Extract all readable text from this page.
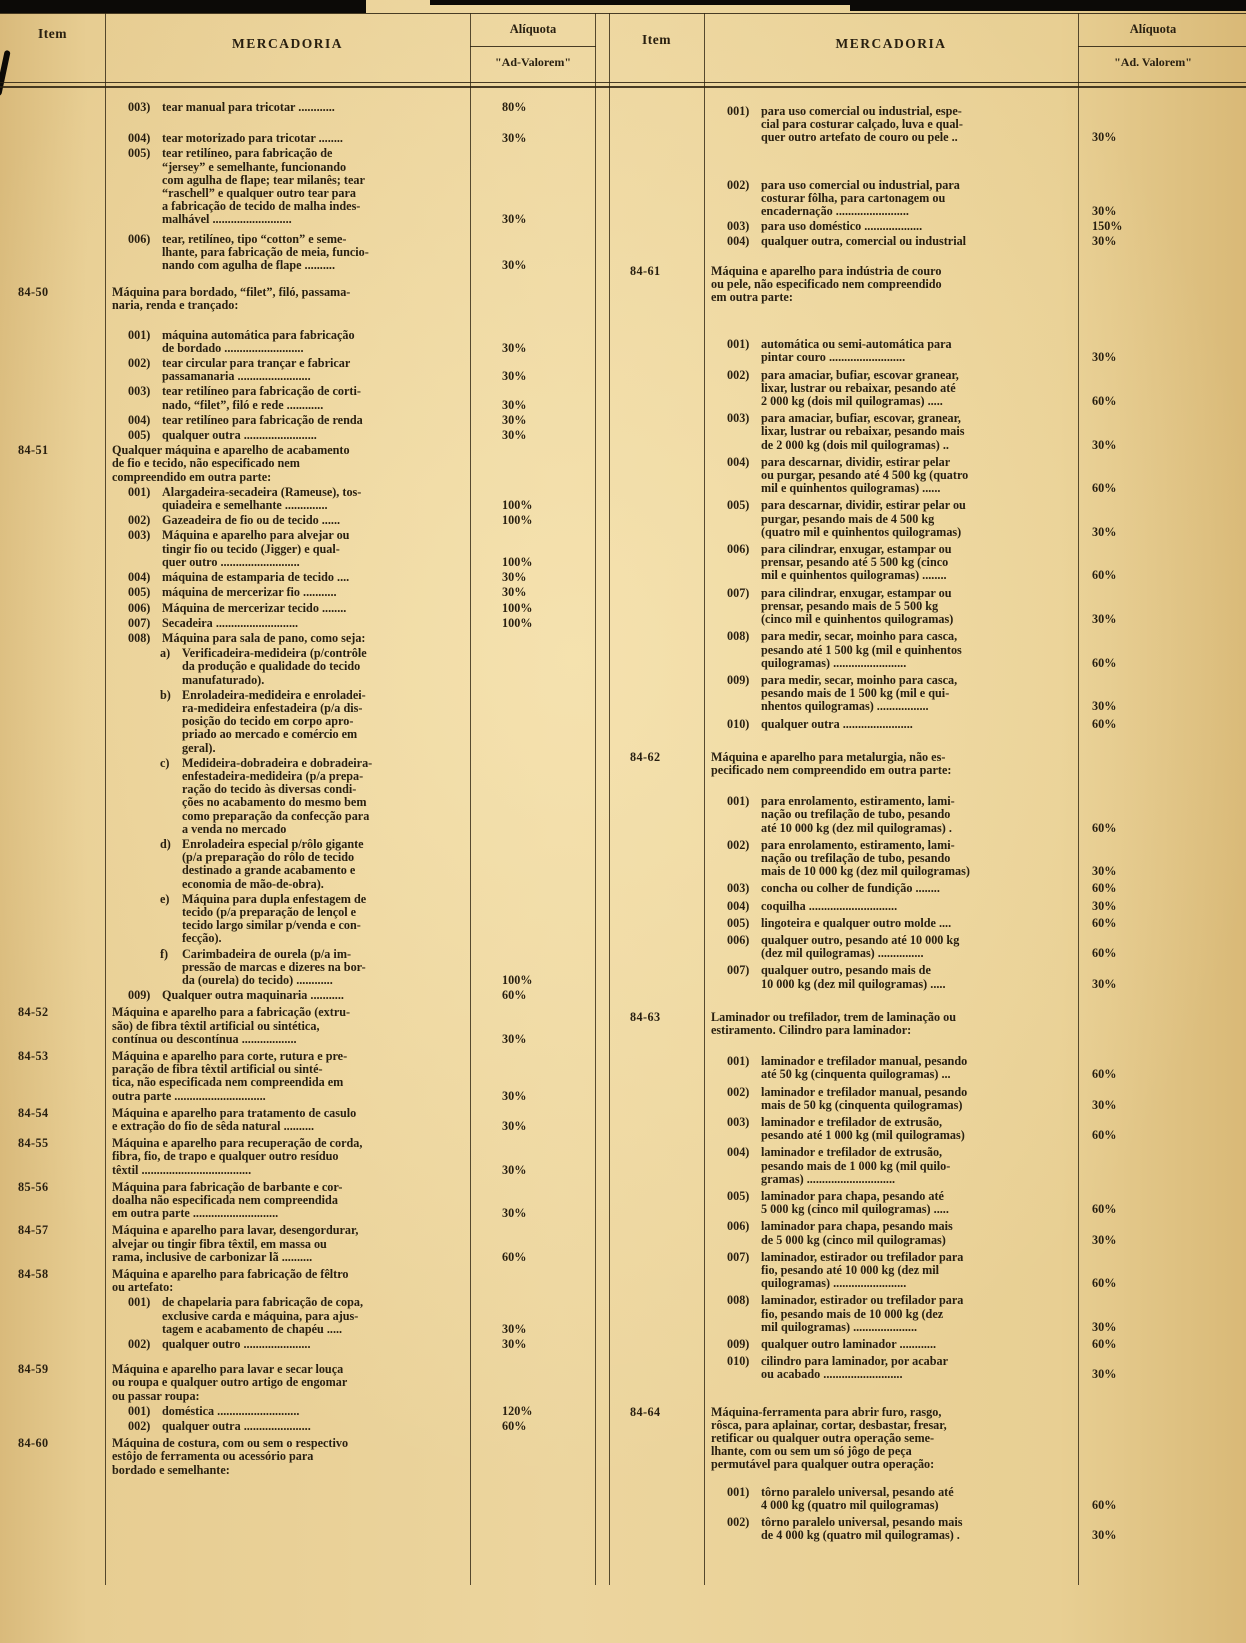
Item
MERCADORIA
Alíquota
"Ad-Valorem"
Item	MERCADORIA
Alíquota
"Ad. Valorem"

003) tear manual para tricotar ............	80%

004) tear motorizado para tricotar ........	30%

005) tear retilíneo, para fabricação de
“jersey” e semelhante, funcionando
com agulha de flape; tear milanês; tear
“raschell” e qualquer outro tear para
a fabricação de tecido de malha indes-
malhável ..........................	30%

006) tear, retilíneo, tipo “cotton” e seme-
lhante, para fabricação de meia, funcio-
nando com agulha de flape ..........	30%
84-50	Máquina para bordado, “filet”, filó, passama-
naria, renda e trançado:

001) máquina automática para fabricação
de bordado ..........................	30%

002) tear circular para trançar e fabricar
passamanaria ........................	30%

003) tear retilíneo para fabricação de corti-
nado, “filet”, filó e rede ............	30%

004) tear retilíneo para fabricação de renda	30%

005) qualquer outra ........................	30%
84-51	Qualquer máquina e aparelho de acabamento
de fio e tecido, não especificado nem
compreendido em outra parte:

001) Alargadeira-secadeira (Rameuse), tos-
quiadeira e semelhante ..............	100%

002) Gazeadeira de fio ou de tecido ......	100%

003) Máquina e aparelho para alvejar ou
tingir fio ou tecido (Jigger) e qual-
quer outro ..........................	100%

004) máquina de estamparia de tecido ....	30%

005) máquina de mercerizar fio ...........	30%

006) Máquina de mercerizar tecido ........	100%

007) Secadeira ...........................	100%

008) Máquina para sala de pano, como seja:

a) Verificadeira-medideira (p/contrôle
da produção e qualidade do tecido
manufaturado).

b) Enroladeira-medideira e enroladei-
ra-medideira enfestadeira (p/a dis-
posição do tecido em corpo apro-
priado ao mercado e comércio em
geral).

c) Medideira-dobradeira e dobradeira-
enfestadeira-medideira (p/a prepa-
ração do tecido às diversas condi-
ções no acabamento do mesmo bem
como preparação da confecção para
a venda no mercado

d) Enroladeira especial p/rôlo gigante
(p/a preparação do rôlo de tecido
destinado a grande acabamento e
economia de mão-de-obra).

e) Máquina para dupla enfestagem de
tecido (p/a preparação de lençol e
tecido largo similar p/venda e con-
fecção).

f) Carimbadeira de ourela (p/a im-
pressão de marcas e dizeres na bor-
da (ourela) do tecido) ............	100%

009) Qualquer outra maquinaria ...........	60%
84-52	Máquina e aparelho para a fabricação (extru-
são) de fibra têxtil artificial ou sintética,
contínua ou descontínua ..................	30%
84-53	Máquina e aparelho para corte, rutura e pre-
paração de fibra têxtil artificial ou sinté-
tica, não especificada nem compreendida em
outra parte ..............................	30%
84-54	Máquina e aparelho para tratamento de casulo
e extração do fio de sêda natural ..........	30%
84-55	Máquina e aparelho para recuperação de corda,
fibra, fio, de trapo e qualquer outro resíduo
têxtil ....................................	30%
85-56	Máquina para fabricação de barbante e cor-
doalha não especificada nem compreendida
em outra parte ............................	30%
84-57	Máquina e aparelho para lavar, desengordurar,
alvejar ou tingir fibra têxtil, em massa ou
rama, inclusive de carbonizar lã ..........	60%
84-58	Máquina e aparelho para fabricação de fêltro
ou artefato:

001) de chapelaria para fabricação de copa,
exclusive carda e máquina, para ajus-
tagem e acabamento de chapéu .....	30%

002) qualquer outro ......................	30%
84-59	Máquina e aparelho para lavar e secar louça
ou roupa e qualquer outro artigo de engomar
ou passar roupa:

001) doméstica ...........................	120%

002) qualquer outra ......................	60%
84-60	Máquina de costura, com ou sem o respectivo
estôjo de ferramenta ou acessório para
bordado e semelhante:

001) para uso comercial ou industrial, espe-
cial para costurar calçado, luva e qual-
quer outro artefato de couro ou pele ..	30%

002) para uso comercial ou industrial, para
costurar fôlha, para cartonagem ou
encadernação ........................	30%

003) para uso doméstico ...................	150%

004) qualquer outra, comercial ou industrial	30%
84-61	Máquina e aparelho para indústria de couro
ou pele, não especificado nem compreendido
em outra parte:

001) automática ou semi-automática para
pintar couro .........................	30%

002) para amaciar, bufiar, escovar granear,
lixar, lustrar ou rebaixar, pesando até
2 000 kg (dois mil quilogramas) .....	60%

003) para amaciar, bufiar, escovar, granear,
lixar, lustrar ou rebaixar, pesando mais
de 2 000 kg (dois mil quilogramas) ..	30%

004) para descarnar, dividir, estirar pelar
ou purgar, pesando até 4 500 kg (quatro
mil e quinhentos quilogramas) ......	60%

005) para descarnar, dividir, estirar pelar ou
purgar, pesando mais de 4 500 kg
(quatro mil e quinhentos quilogramas)	30%

006) para cilindrar, enxugar, estampar ou
prensar, pesando até 5 500 kg (cinco
mil e quinhentos quilogramas) ........	60%

007) para cilindrar, enxugar, estampar ou
prensar, pesando mais de 5 500 kg
(cinco mil e quinhentos quilogramas)	30%

008) para medir, secar, moinho para casca,
pesando até 1 500 kg (mil e quinhentos
quilogramas) ........................	60%

009) para medir, secar, moinho para casca,
pesando mais de 1 500 kg (mil e qui-
nhentos quilogramas) .................	30%

010) qualquer outra .......................	60%
84-62	Máquina e aparelho para metalurgia, não es-
pecificado nem compreendido em outra parte:

001) para enrolamento, estiramento, lami-
nação ou trefilação de tubo, pesando
até 10 000 kg (dez mil quilogramas) .	60%

002) para enrolamento, estiramento, lami-
nação ou trefilação de tubo, pesando
mais de 10 000 kg (dez mil quilogramas)	30%

003) concha ou colher de fundição ........	60%

004) coquilha .............................	30%

005) lingoteira e qualquer outro molde ....	60%

006) qualquer outro, pesando até 10 000 kg
(dez mil quilogramas) ...............	60%

007) qualquer outro, pesando mais de
10 000 kg (dez mil quilogramas) .....	30%
84-63	Laminador ou trefilador, trem de laminação ou
estiramento. Cilindro para laminador:

001) laminador e trefilador manual, pesando
até 50 kg (cinquenta quilogramas) ...	60%

002) laminador e trefilador manual, pesando
mais de 50 kg (cinquenta quilogramas)	30%

003) laminador e trefilador de extrusão,
pesando até 1 000 kg (mil quilogramas)	60%

004) laminador e trefilador de extrusão,
pesando mais de 1 000 kg (mil quilo-
gramas) .............................

005) laminador para chapa, pesando até
5 000 kg (cinco mil quilogramas) .....	60%

006) laminador para chapa, pesando mais
de 5 000 kg (cinco mil quilogramas)	30%

007) laminador, estirador ou trefilador para
fio, pesando até 10 000 kg (dez mil
quilogramas) ........................	60%

008) laminador, estirador ou trefilador para
fio, pesando mais de 10 000 kg (dez
mil quilogramas) .....................	30%

009) qualquer outro laminador ............	60%

010) cilindro para laminador, por acabar
ou acabado ..........................	30%
84-64	Máquina-ferramenta para abrir furo, rasgo,
rôsca, para aplainar, cortar, desbastar, fresar,
retificar ou qualquer outra operação seme-
lhante, com ou sem um só jôgo de peça
permutável para qualquer outra operação:

001) tôrno paralelo universal, pesando até
4 000 kg (quatro mil quilogramas)	60%

002) tôrno paralelo universal, pesando mais
de 4 000 kg (quatro mil quilogramas) .	30%
